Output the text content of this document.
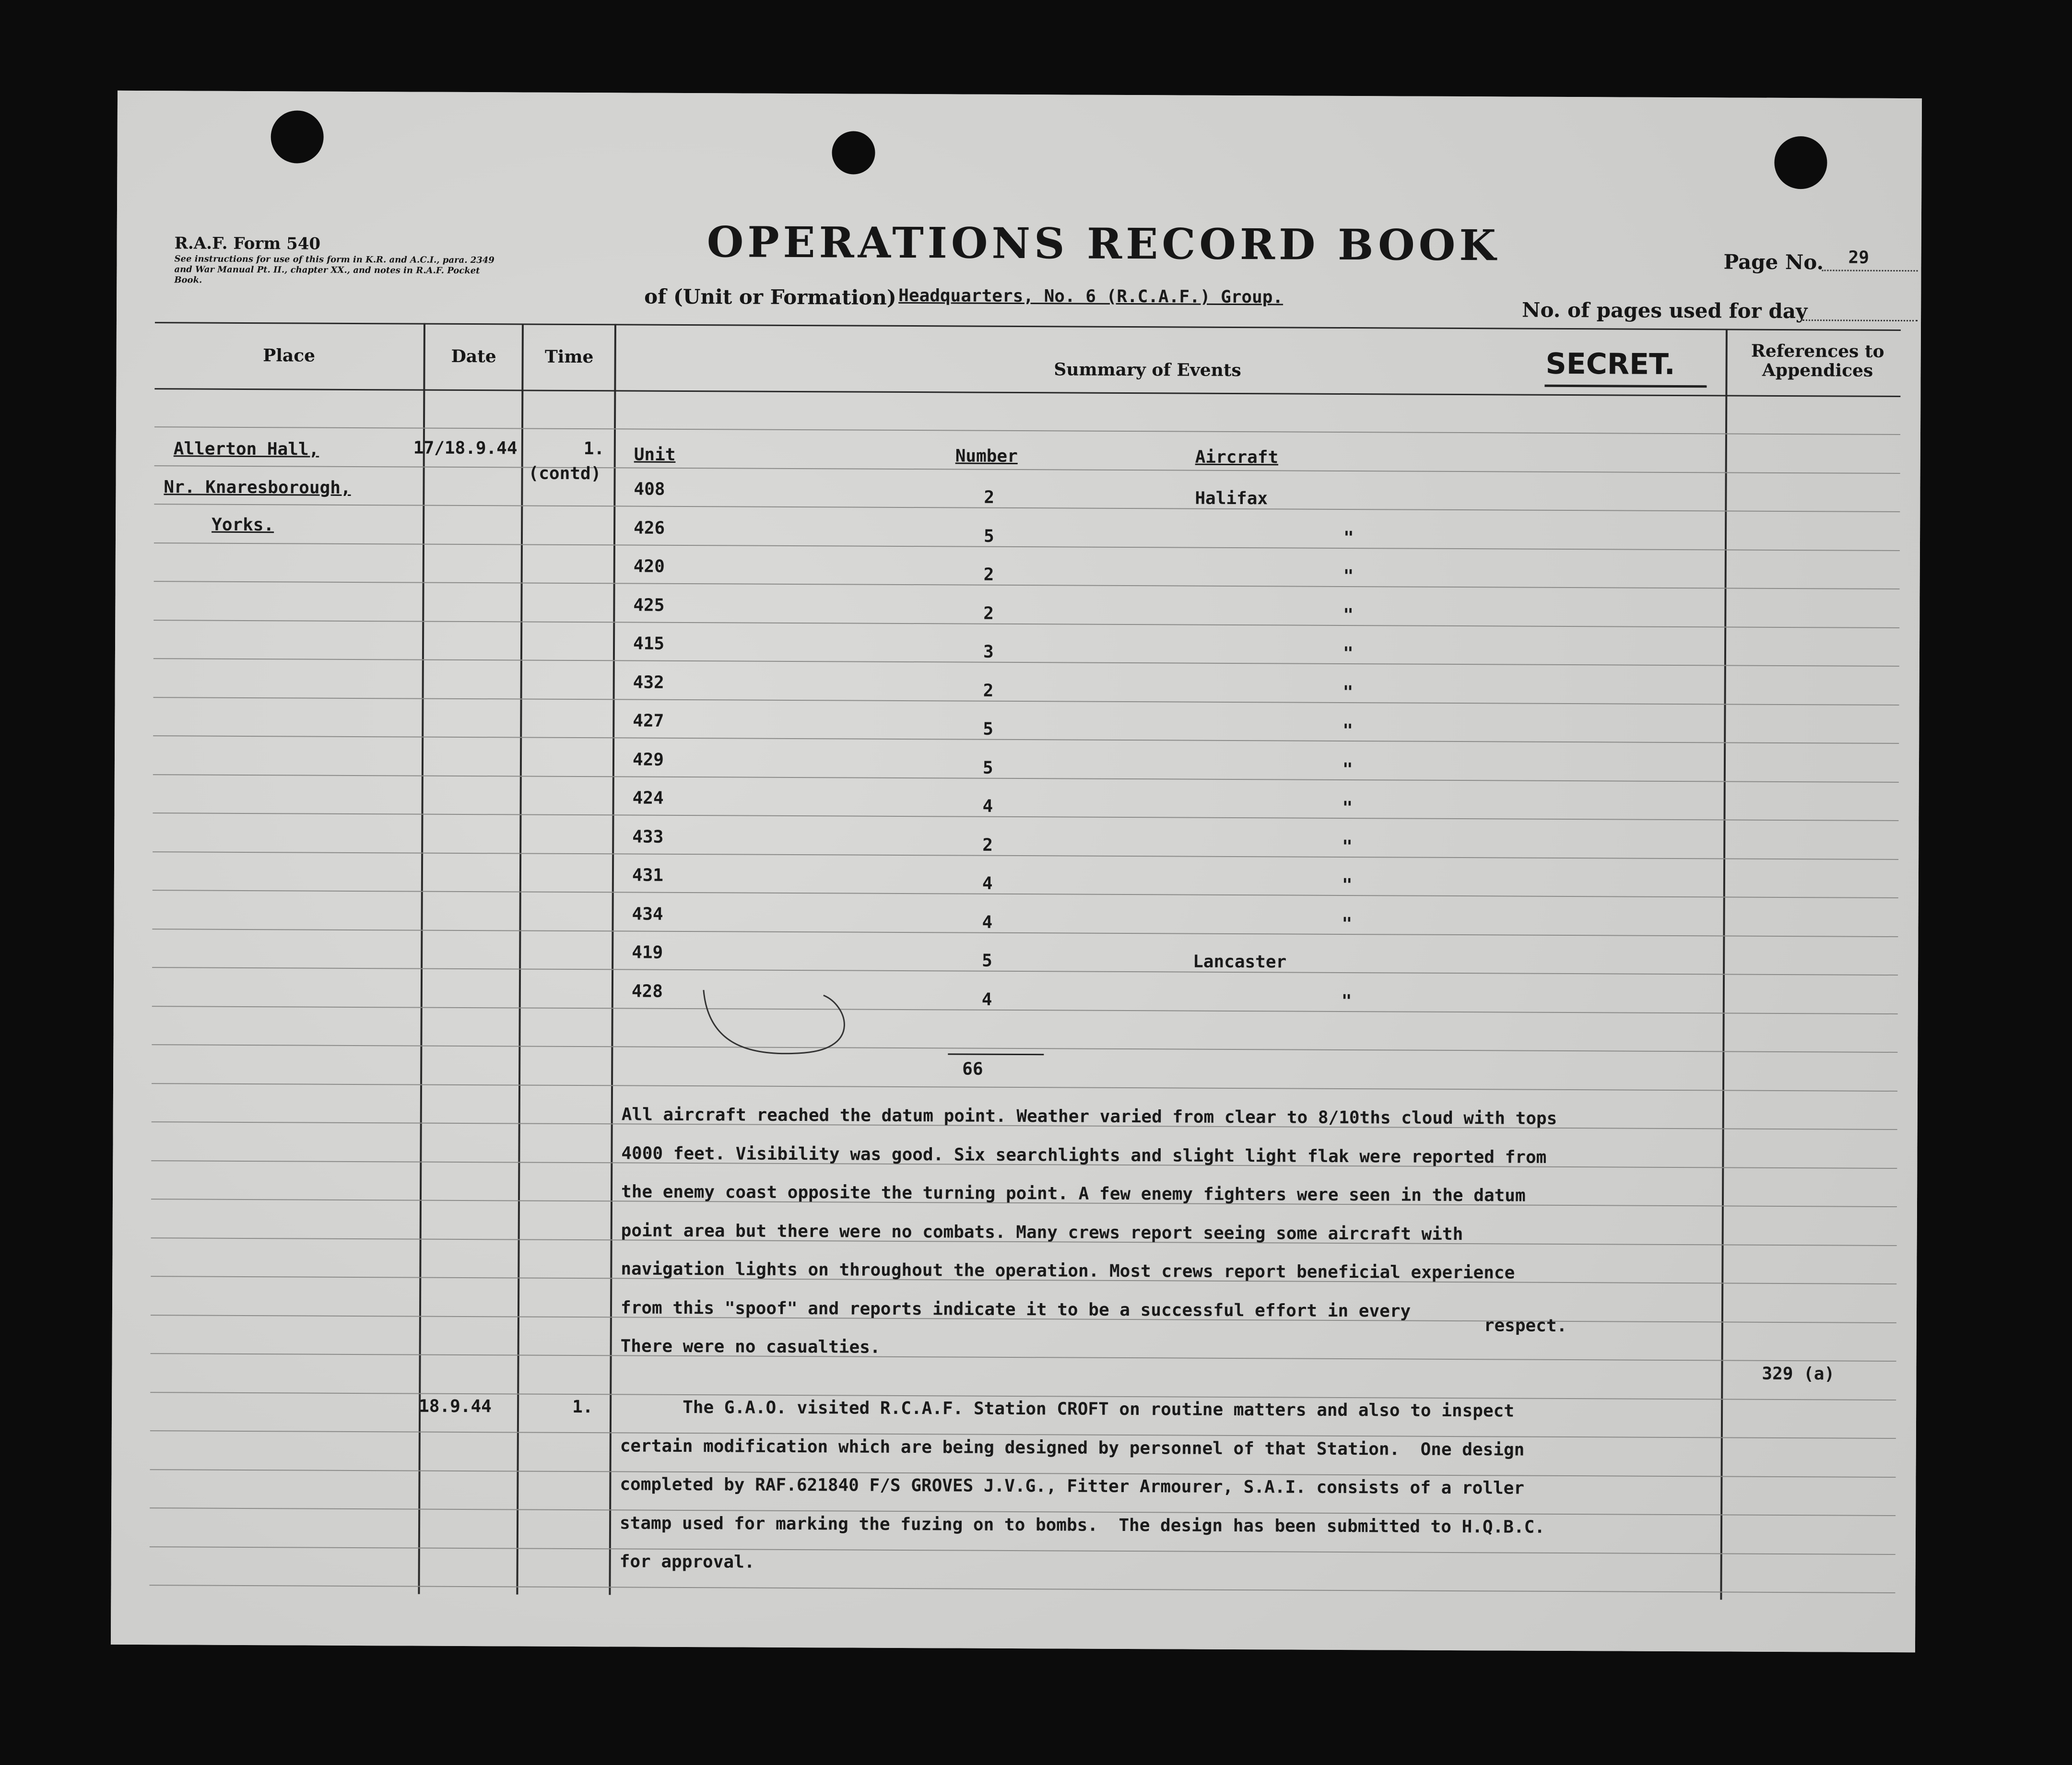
R.A.F. Form 540
See instructions for use of this form in K.R. and A.C.I., para. 2349 and War Manual Pt. II., chapter XX., and notes in R.A.F. Pocket Book.
OPERATIONS RECORD BOOK	Page No. 29
of (Unit or Formation) Headquarters, No. 6 (R.C.A.F.) Group.
No. of pages used for day
Place	Date	Time
Summary of Events	SECRET.	References to Appendices
Allerton Hall,
Nr. Knaresborough,
Yorks.
17/18.9.44	1.
(contd)
Unit	Number	Aircraft
408	2	Halifax
426	5	"
420	2	"
425	2	"
415	3	"
432	2	"
427	5	"
429	5	"
424	4	"
433	2	"
431	4	"
434	4	"
419	5	Lancaster
428	4	"
66
All aircraft reached the datum point. Weather varied from clear to 8/10ths cloud with tops
4000 feet. Visibility was good. Six searchlights and slight light flak were reported from
the enemy coast opposite the turning point. A few enemy fighters were seen in the datum
point area but there were no combats. Many crews report seeing some aircraft with
navigation lights on throughout the operation. Most crews report beneficial experience
from this "spoof" and reports indicate it to be a successful effort in every
There were no casualties.
respect.
329 (a)
18.9.44	1. The G.A.O. visited R.C.A.F. Station CROFT on routine matters and also to inspect
certain modification which are being designed by personnel of that Station.  One design
completed by RAF.621840 F/S GROVES J.V.G., Fitter Armourer, S.A.I. consists of a roller
stamp used for marking the fuzing on to bombs.  The design has been submitted to H.Q.B.C.
for approval.
